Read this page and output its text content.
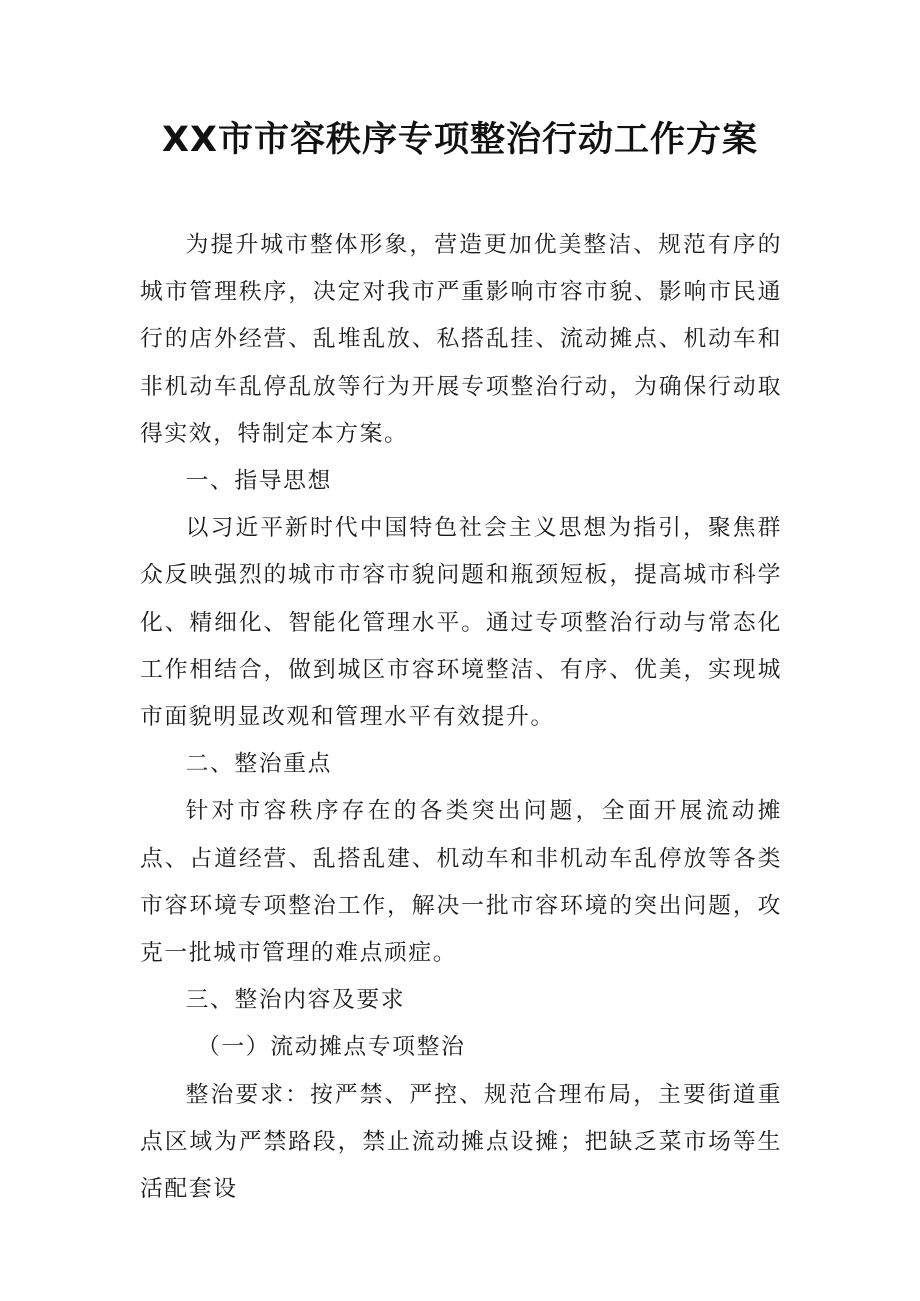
XX市市容秩序专项整治行动工作方案

为提升城市整体形象，营造更加优美整洁、规范有序的城市管理秩序，决定对我市严重影响市容市貌、影响市民通行的店外经营、乱堆乱放、私搭乱挂、流动摊点、机动车和非机动车乱停乱放等行为开展专项整治行动，为确保行动取得实效，特制定本方案。

一、指导思想

以习近平新时代中国特色社会主义思想为指引，聚焦群众反映强烈的城市市容市貌问题和瓶颈短板，提高城市科学化、精细化、智能化管理水平。通过专项整治行动与常态化工作相结合，做到城区市容环境整洁、有序、优美，实现城市面貌明显改观和管理水平有效提升。

二、整治重点

针对市容秩序存在的各类突出问题，全面开展流动摊点、占道经营、乱搭乱建、机动车和非机动车乱停放等各类市容环境专项整治工作，解决一批市容环境的突出问题，攻克一批城市管理的难点顽症。

三、整治内容及要求

（一）流动摊点专项整治

整治要求：按严禁、严控、规范合理布局，主要街道重点区域为严禁路段，禁止流动摊点设摊；把缺乏菜市场等生活配套设
